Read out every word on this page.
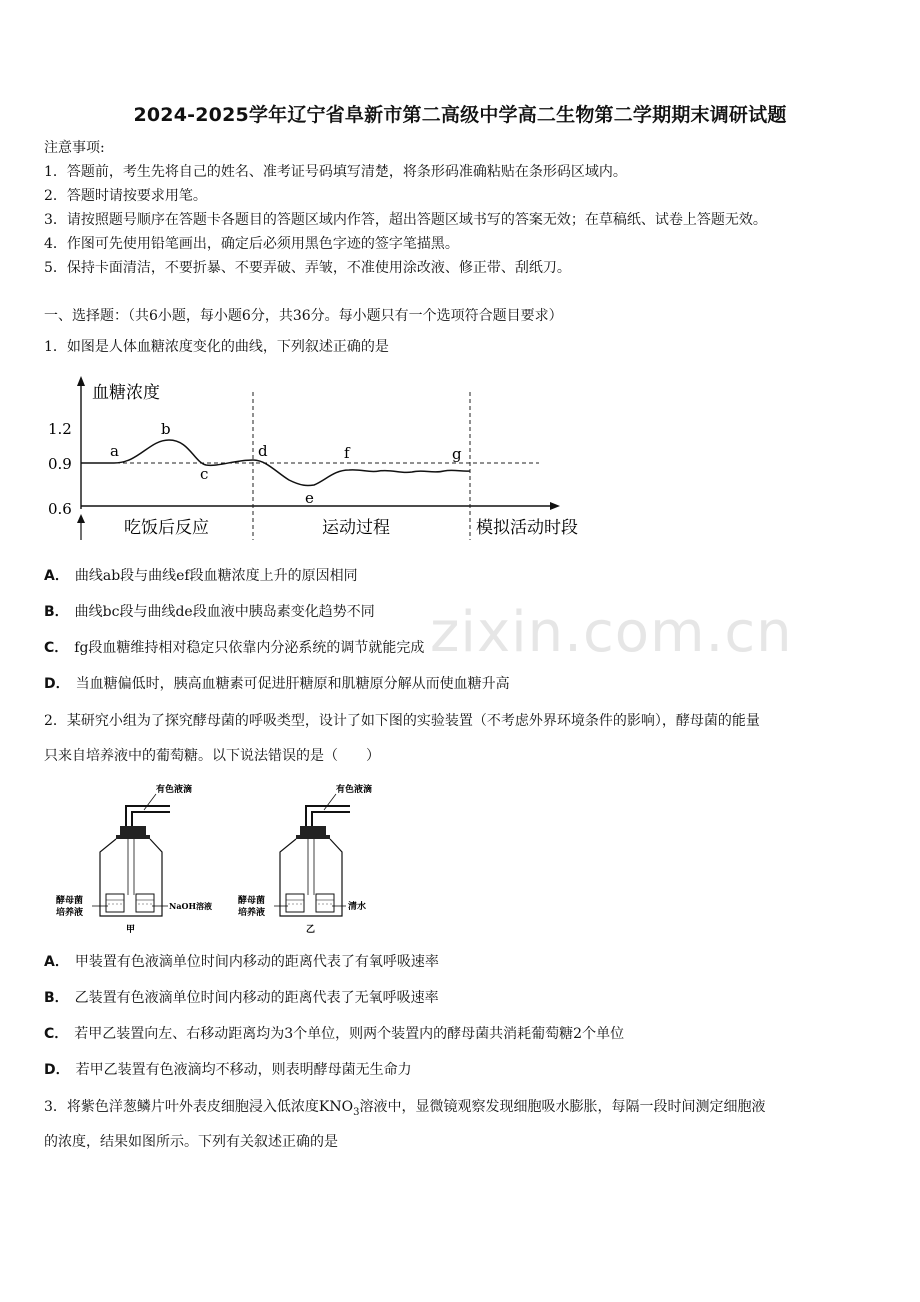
zixin.com.cn
2024-2025学年辽宁省阜新市第二高级中学高二生物第二学期期末调研试题
注意事项:
1．答题前，考生先将自己的姓名、准考证号码填写清楚，将条形码准确粘贴在条形码区域内。
2．答题时请按要求用笔。
3．请按照题号顺序在答题卡各题目的答题区域内作答，超出答题区域书写的答案无效；在草稿纸、试卷上答题无效。
4．作图可先使用铅笔画出，确定后必须用黑色字迹的签字笔描黑。
5．保持卡面清洁，不要折暴、不要弄破、弄皱，不准使用涂改液、修正带、刮纸刀。
一、选择题：（共6小题，每小题6分，共36分。每小题只有一个选项符合题目要求）
1．如图是人体血糖浓度变化的曲线，下列叙述正确的是
血糖浓度
1.2
0.9
0.6
a
b
c
d
e
f	g
吃饭后反应	运动过程	模拟活动时段
A． 曲线ab段与曲线ef段血糖浓度上升的原因相同
B． 曲线bc段与曲线de段血液中胰岛素变化趋势不同
C． fg段血糖维持相对稳定只依靠内分泌系统的调节就能完成
D． 当血糖偏低时，胰高血糖素可促进肝糖原和肌糖原分解从而使血糖升高
2．某研究小组为了探究酵母菌的呼吸类型，设计了如下图的实验装置（不考虑外界环境条件的影响），酵母菌的能量
只来自培养液中的葡萄糖。以下说法错误的是（　　）
有色液滴
酵母菌
培养液
NaOH溶液
甲
有色液滴
酵母菌
培养液
清水
乙
A． 甲装置有色液滴单位时间内移动的距离代表了有氧呼吸速率
B． 乙装置有色液滴单位时间内移动的距离代表了无氧呼吸速率
C． 若甲乙装置向左、右移动距离均为3个单位，则两个装置内的酵母菌共消耗葡萄糖2个单位
D． 若甲乙装置有色液滴均不移动，则表明酵母菌无生命力
3．将紫色洋葱鳞片叶外表皮细胞浸入低浓度$KNO_3$溶液中，显微镜观察发现细胞吸水膨胀，每隔一段时间测定细胞液
的浓度，结果如图所示。下列有关叙述正确的是
